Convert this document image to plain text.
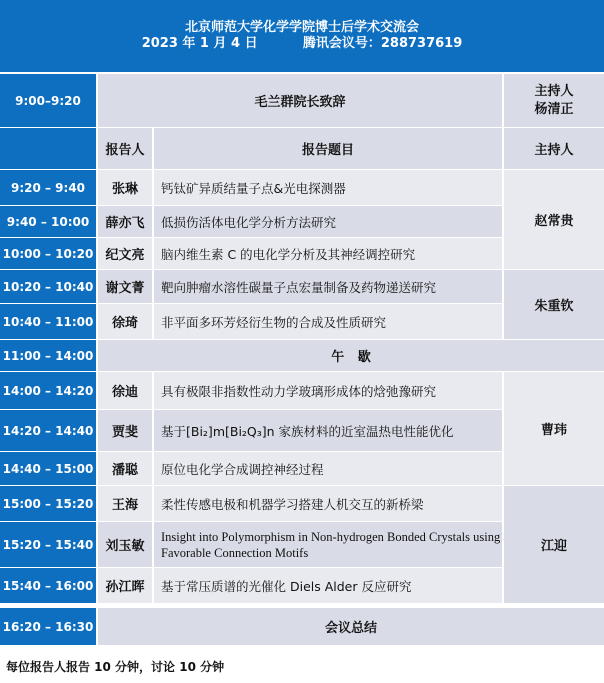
北京师范大学化学学院博士后学术交流会
2023 年 1 月 4 日          腾讯会议号：288737619
9:00–9:20	毛兰群院长致辞
主持人
杨清正
报告人	报告题目	主持人
9:20 – 9:40	张琳	钙钛矿异质结量子点&光电探测器
9:40 – 10:00	薛亦飞	低损伤活体电化学分析方法研究
10:00 – 10:20 纪文亮	脑内维生素 C 的电化学分析及其神经调控研究
赵常贵
10:20 – 10:40 谢文菁	靶向肿瘤水溶性碳量子点宏量制备及药物递送研究
10:40 – 11:00	徐琦	非平面多环芳烃衍生物的合成及性质研究
朱重钦
11:00 – 14:00	午   歇
14:00 – 14:20	徐迪	具有极限非指数性动力学玻璃形成体的焓弛豫研究
14:20 – 14:40	贾斐	基于[Bi₂]m[Bi₂Q₃]n 家族材料的近室温热电性能优化
14:40 – 15:00	潘聪	原位电化学合成调控神经过程
曹玮
15:00 – 15:20	王海	柔性传感电极和机器学习搭建人机交互的新桥梁
15:20 – 15:40 刘玉敏
Insight into Polymorphism in Non-hydrogen Bonded Crystals using Favorable Connection Motifs
15:40 – 16:00 孙江晖	基于常压质谱的光催化 Diels Alder 反应研究
江迎
16:20 – 16:30	会议总结
每位报告人报告 10 分钟，讨论 10 分钟
